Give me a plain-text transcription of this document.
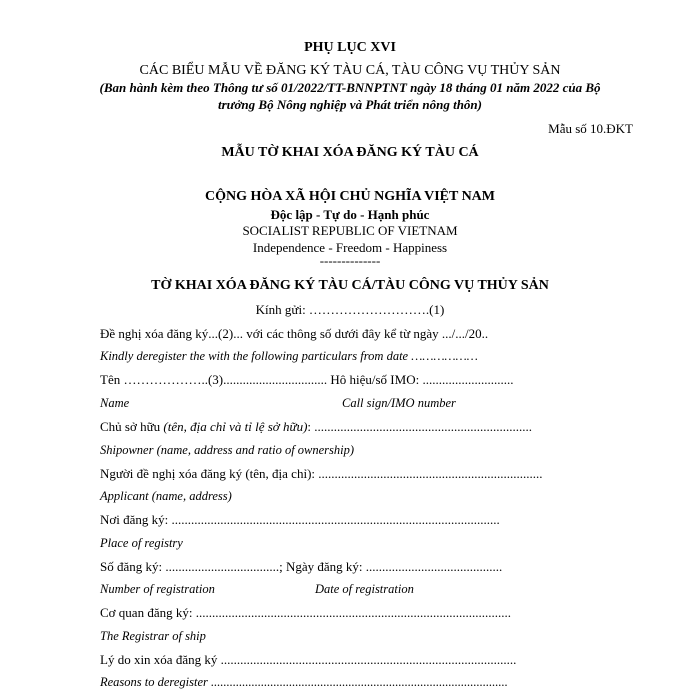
PHỤ LỤC XVI
CÁC BIỂU MẪU VỀ ĐĂNG KÝ TÀU CÁ, TÀU CÔNG VỤ THỦY SẢN
(Ban hành kèm theo Thông tư số 01/2022/TT-BNNPTNT ngày 18 tháng 01 năm 2022 của Bộ
trưởng Bộ Nông nghiệp và Phát triển nông thôn)
Mẫu số 10.ĐKT
MẪU TỜ KHAI XÓA ĐĂNG KÝ TÀU CÁ
CỘNG HÒA XÃ HỘI CHỦ NGHĨA VIỆT NAM
Độc lập - Tự do - Hạnh phúc
SOCIALIST REPUBLIC OF VIETNAM
Independence - Freedom - Happiness
--------------
TỜ KHAI XÓA ĐĂNG KÝ TÀU CÁ/TÀU CÔNG VỤ THỦY SẢN
Kính gửi: ……………………….(1)
Đề nghị xóa đăng ký...(2)... với các thông số dưới đây kể từ ngày .../.../20..
Kindly deregister the with the following particulars from date ………………
Tên ………………..(3)................................ Hô hiệu/số IMO: ............................
Name	Call sign/IMO number
Chủ sở hữu (tên, địa chỉ và tỉ lệ sở hữu): ...................................................................
Shipowner (name, address and ratio of ownership)
Người đề nghị xóa đăng ký (tên, địa chỉ): .....................................................................
Applicant (name, address)
Nơi đăng ký: .....................................................................................................
Place of registry
Số đăng ký: ...................................; Ngày đăng ký: ..........................................
Number of registration	Date of registration
Cơ quan đăng ký: .................................................................................................
The Registrar of ship
Lý do xin xóa đăng ký ...........................................................................................
Reasons to deregister ...............................................................................................
